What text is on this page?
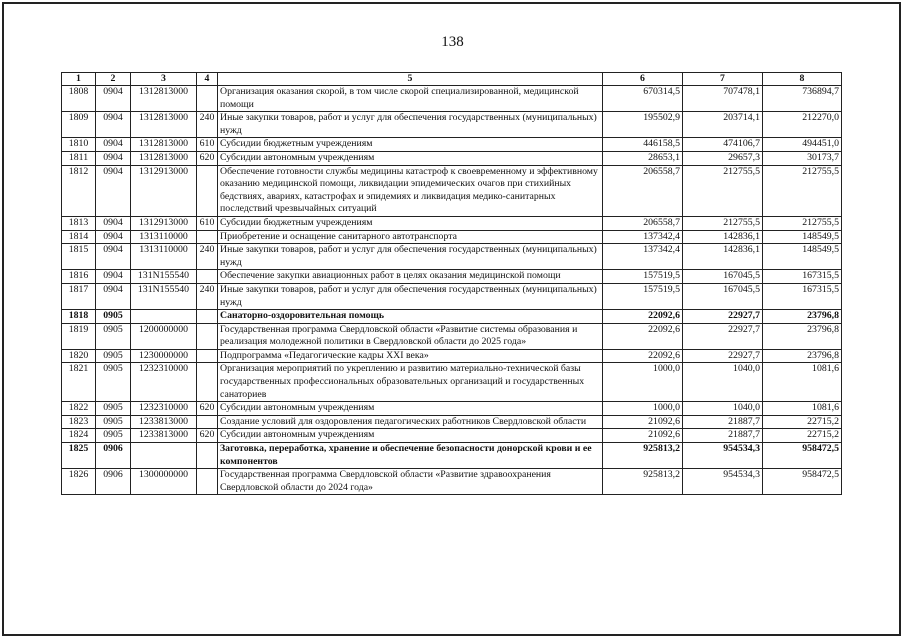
138
1	2	3	4	5	6	7	8
1808	0904	1312813000		Организация оказания скорой, в том числе скорой специализированной, медицинской помощи	670314,5	707478,1	736894,7
1809	0904	1312813000	240	Иные закупки товаров, работ и услуг для обеспечения государственных (муниципальных) нужд	195502,9	203714,1	212270,0
1810	0904	1312813000	610	Субсидии бюджетным учреждениям	446158,5	474106,7	494451,0
1811	0904	1312813000	620	Субсидии автономным учреждениям	28653,1	29657,3	30173,7
1812	0904	1312913000		Обеспечение готовности службы медицины катастроф к своевременному и эффективному оказанию медицинской помощи, ликвидации эпидемических очагов при стихийных бедствиях, авариях, катастрофах и эпидемиях и ликвидация медико-санитарных последствий чрезвычайных ситуаций	206558,7	212755,5	212755,5
1813	0904	1312913000	610	Субсидии бюджетным учреждениям	206558,7	212755,5	212755,5
1814	0904	1313110000		Приобретение и оснащение санитарного автотранспорта	137342,4	142836,1	148549,5
1815	0904	1313110000	240	Иные закупки товаров, работ и услуг для обеспечения государственных (муниципальных) нужд	137342,4	142836,1	148549,5
1816	0904	131N155540		Обеспечение закупки авиационных работ в целях оказания медицинской помощи	157519,5	167045,5	167315,5
1817	0904	131N155540	240	Иные закупки товаров, работ и услуг для обеспечения государственных (муниципальных) нужд	157519,5	167045,5	167315,5
1818	0905			Санаторно-оздоровительная помощь	22092,6	22927,7	23796,8
1819	0905	1200000000		Государственная программа Свердловской области «Развитие системы образования и реализация молодежной политики в Свердловской области до 2025 года»	22092,6	22927,7	23796,8
1820	0905	1230000000		Подпрограмма «Педагогические кадры XXI века»	22092,6	22927,7	23796,8
1821	0905	1232310000		Организация мероприятий по укреплению и развитию материально-технической базы государственных профессиональных образовательных организаций и государственных санаториев	1000,0	1040,0	1081,6
1822	0905	1232310000	620	Субсидии автономным учреждениям	1000,0	1040,0	1081,6
1823	0905	1233813000		Создание условий для оздоровления педагогических работников Свердловской области	21092,6	21887,7	22715,2
1824	0905	1233813000	620	Субсидии автономным учреждениям	21092,6	21887,7	22715,2
1825	0906			Заготовка, переработка, хранение и обеспечение безопасности донорской крови и ее компонентов	925813,2	954534,3	958472,5
1826	0906	1300000000		Государственная программа Свердловской области «Развитие здравоохранения Свердловской области до 2024 года»	925813,2	954534,3	958472,5
